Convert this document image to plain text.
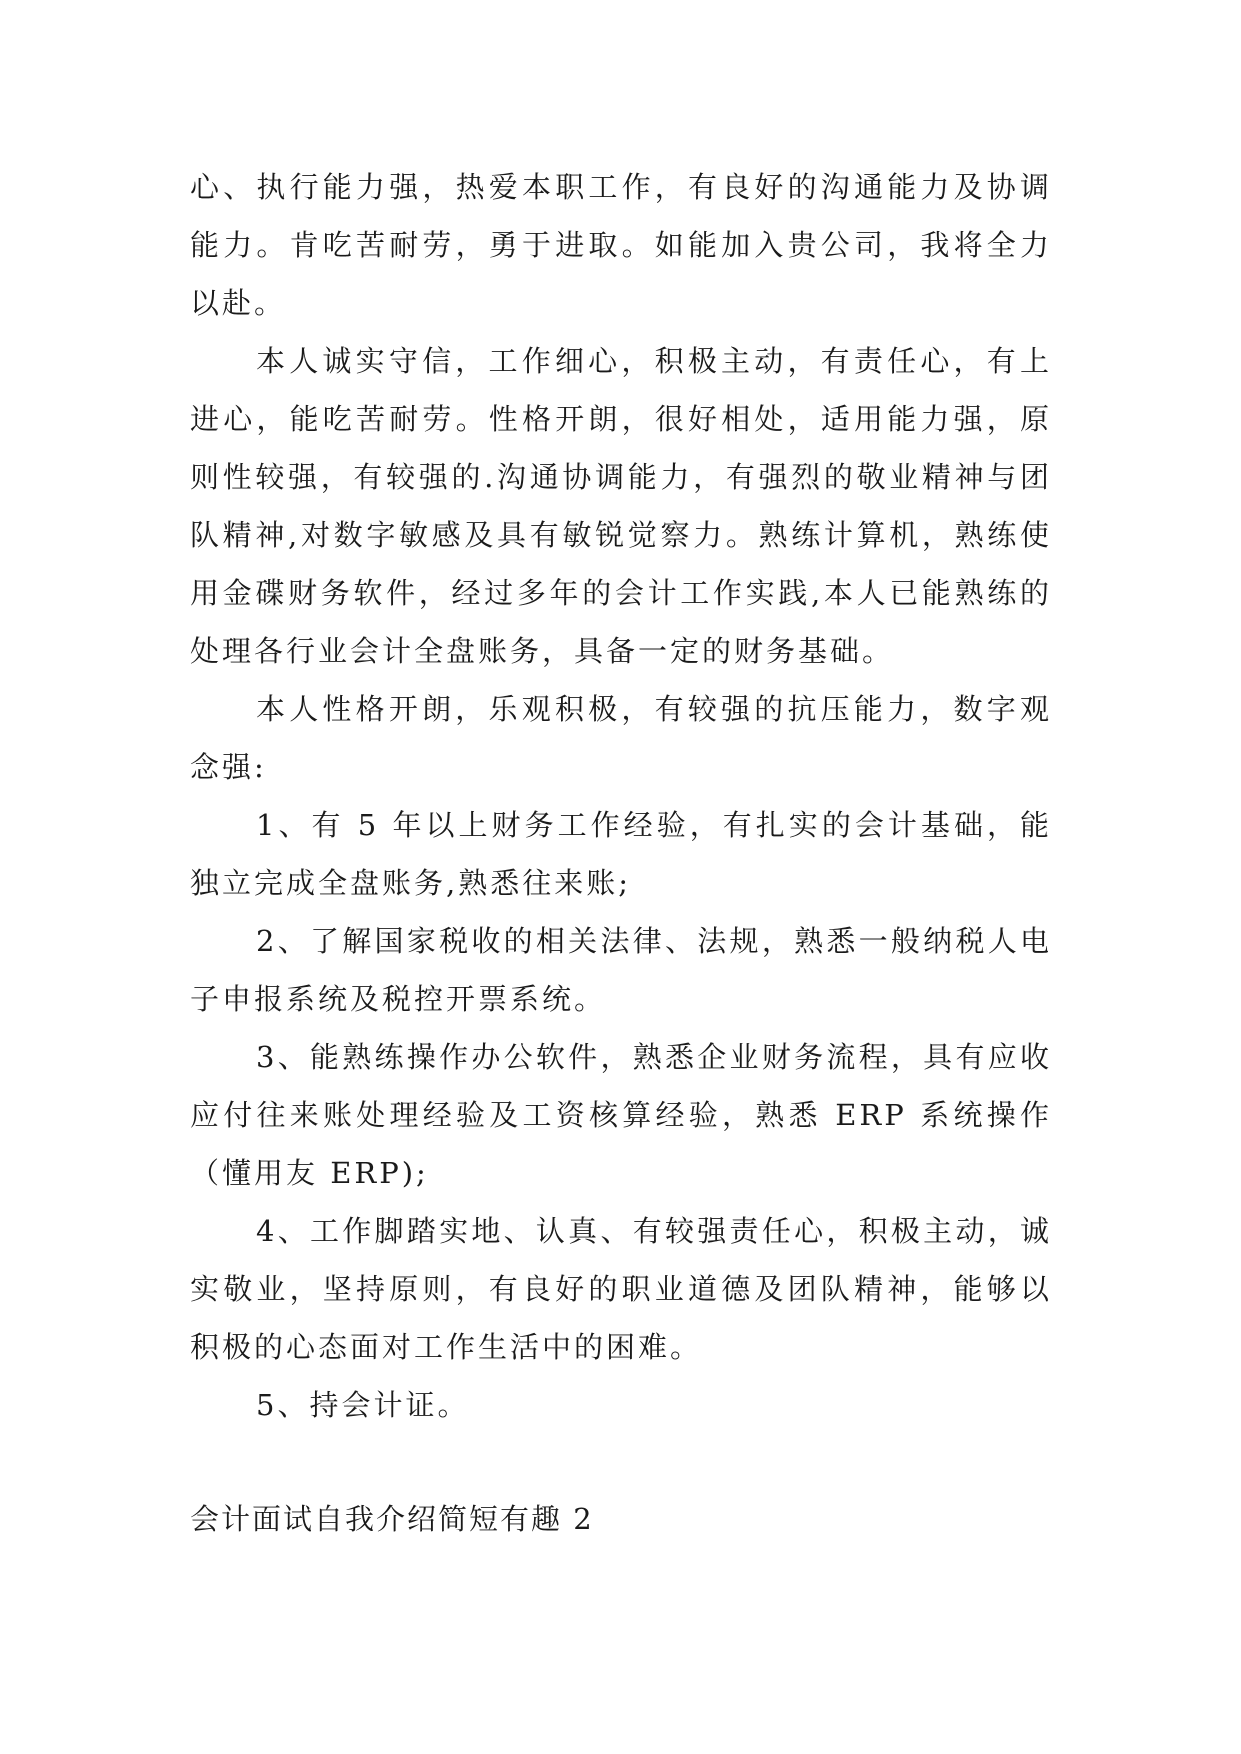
心、执行能力强，热爱本职工作，有良好的沟通能力及协调能力。肯吃苦耐劳，勇于进取。如能加入贵公司，我将全力以赴。

本人诚实守信，工作细心，积极主动，有责任心，有上进心，能吃苦耐劳。性格开朗，很好相处，适用能力强，原则性较强，有较强的.沟通协调能力，有强烈的敬业精神与团队精神,对数字敏感及具有敏锐觉察力。熟练计算机，熟练使用金碟财务软件，经过多年的会计工作实践,本人已能熟练的处理各行业会计全盘账务，具备一定的财务基础。

本人性格开朗，乐观积极，有较强的抗压能力，数字观念强:

1、有 5 年以上财务工作经验，有扎实的会计基础，能独立完成全盘账务,熟悉往来账;

2、了解国家税收的相关法律、法规，熟悉一般纳税人电子申报系统及税控开票系统。

3、能熟练操作办公软件，熟悉企业财务流程，具有应收应付往来账处理经验及工资核算经验，熟悉 ERP 系统操作（懂用友 ERP);

4、工作脚踏实地、认真、有较强责任心，积极主动，诚实敬业，坚持原则，有良好的职业道德及团队精神，能够以积极的心态面对工作生活中的困难。

5、持会计证。

会计面试自我介绍简短有趣 2
